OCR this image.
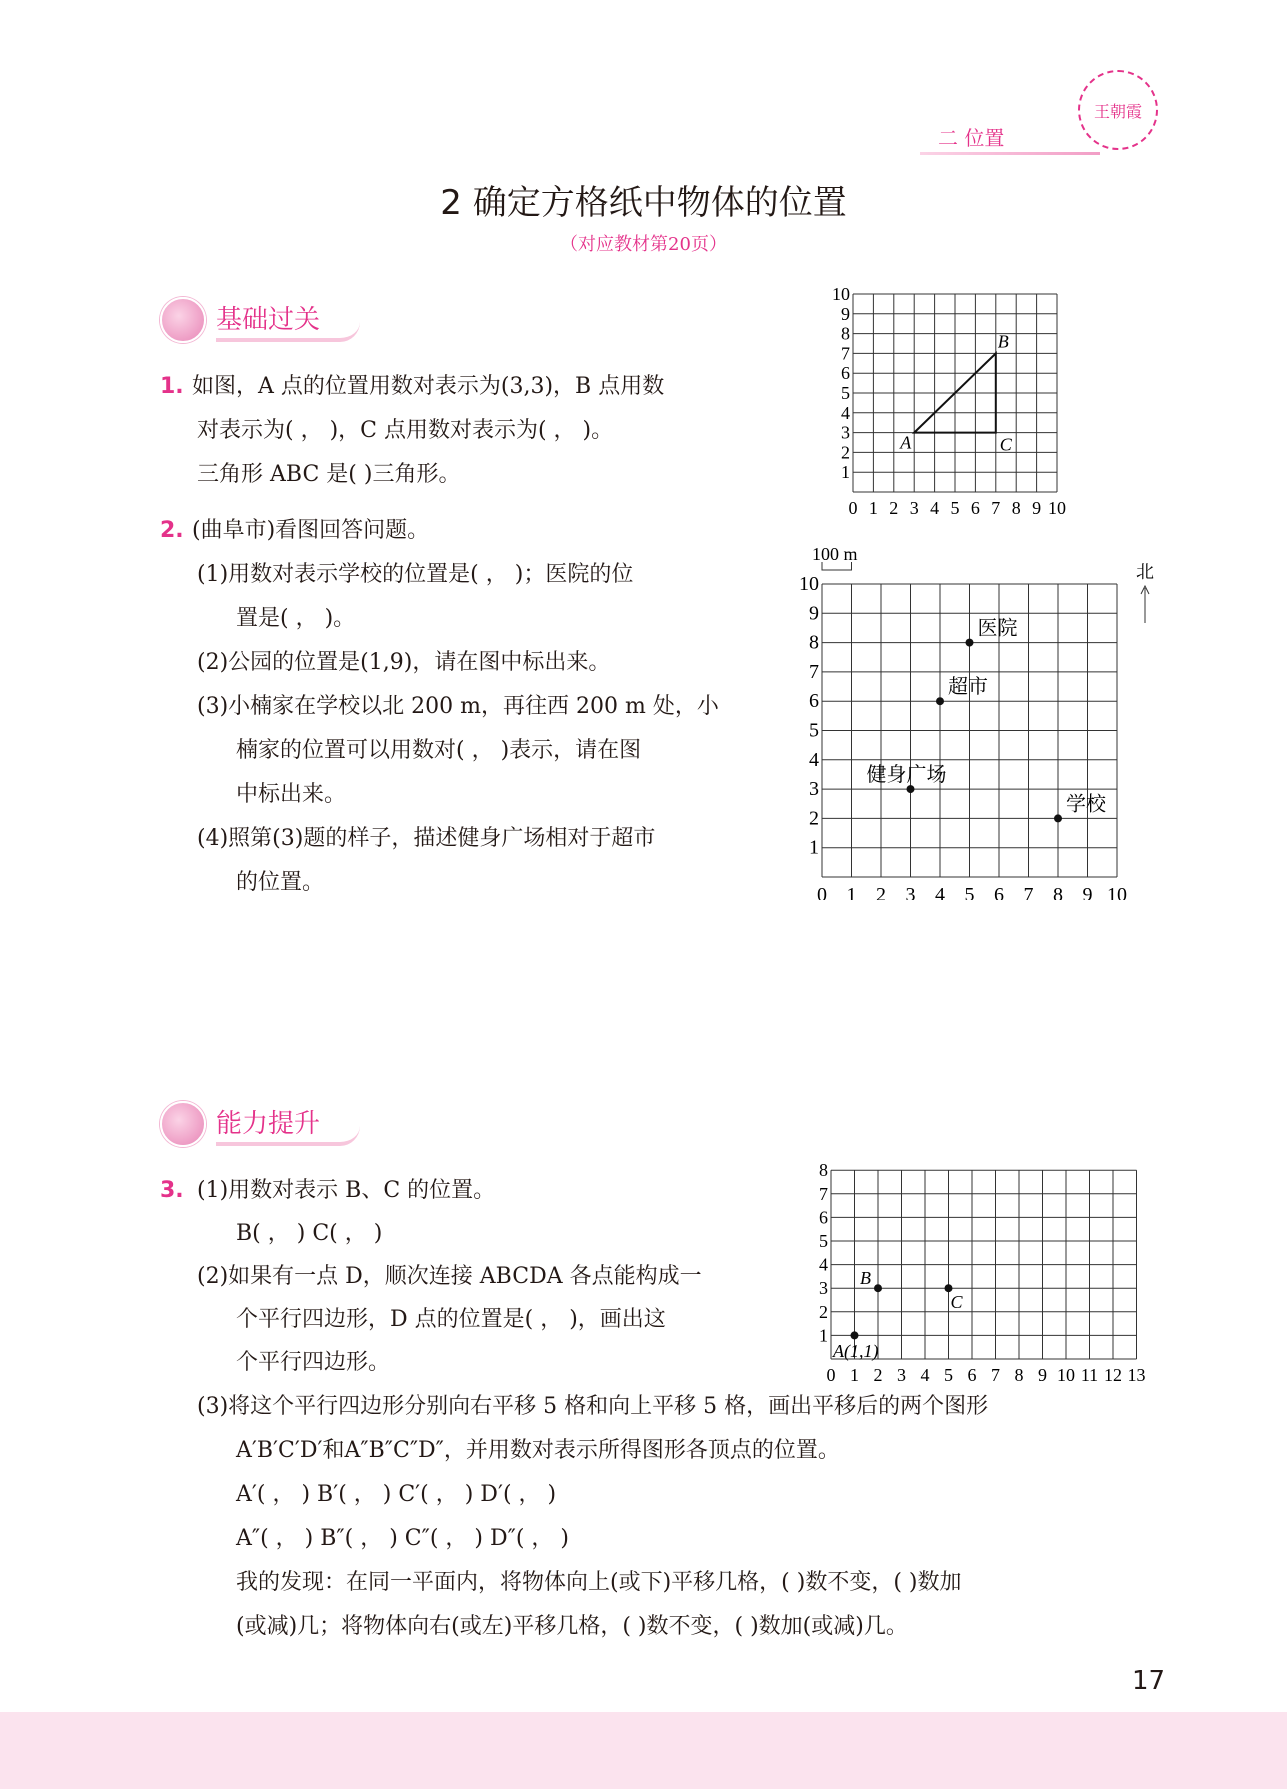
二 位置
王朝霞
2 确定方格纸中物体的位置
（对应教材第20页）
基础过关
能力提升
1. 如图，A 点的位置用数对表示为(3,3)，B 点用数
对表示为( ， )，C 点用数对表示为( ， )。
三角形 ABC 是( )三角形。
2. (曲阜市)看图回答问题。
(1)用数对表示学校的位置是( ， )；医院的位
置是( ， )。
(2)公园的位置是(1,9)，请在图中标出来。
(3)小楠家在学校以北 200 m，再往西 200 m 处，小
楠家的位置可以用数对( ， )表示，请在图
中标出来。
(4)照第(3)题的样子，描述健身广场相对于超市
的位置。
3. (1)用数对表示 B、C 的位置。
B( ， ) C( ， )
(2)如果有一点 D，顺次连接 ABCDA 各点能构成一
个平行四边形，D 点的位置是( ， )，画出这
个平行四边形。
(3)将这个平行四边形分别向右平移 5 格和向上平移 5 格，画出平移后的两个图形
A′B′C′D′和A″B″C″D″，并用数对表示所得图形各顶点的位置。
A′( ， ) B′( ， ) C′( ， ) D′( ， )
A″( ， ) B″( ， ) C″( ， ) D″( ， )
我的发现：在同一平面内，将物体向上(或下)平移几格，( )数不变，( )数加
(或减)几；将物体向右(或左)平移几格，( )数不变，( )数加(或减)几。
17
0 1 2 3 4 5 6 7 8 9 10
1
2
3
4
5
6
7
8
9
10
A
B
C
0 1 2 3 4 5 6 7 8 9 10
1
2
3
4
5
6
7
8
9
10
医院
超市
健身广场
学校
100 m
北
0 1 2 3 4 5 6 7 8 9 10 11 12 13
1
2
3
4
5
6
7
8
A(1,1)
B
C
